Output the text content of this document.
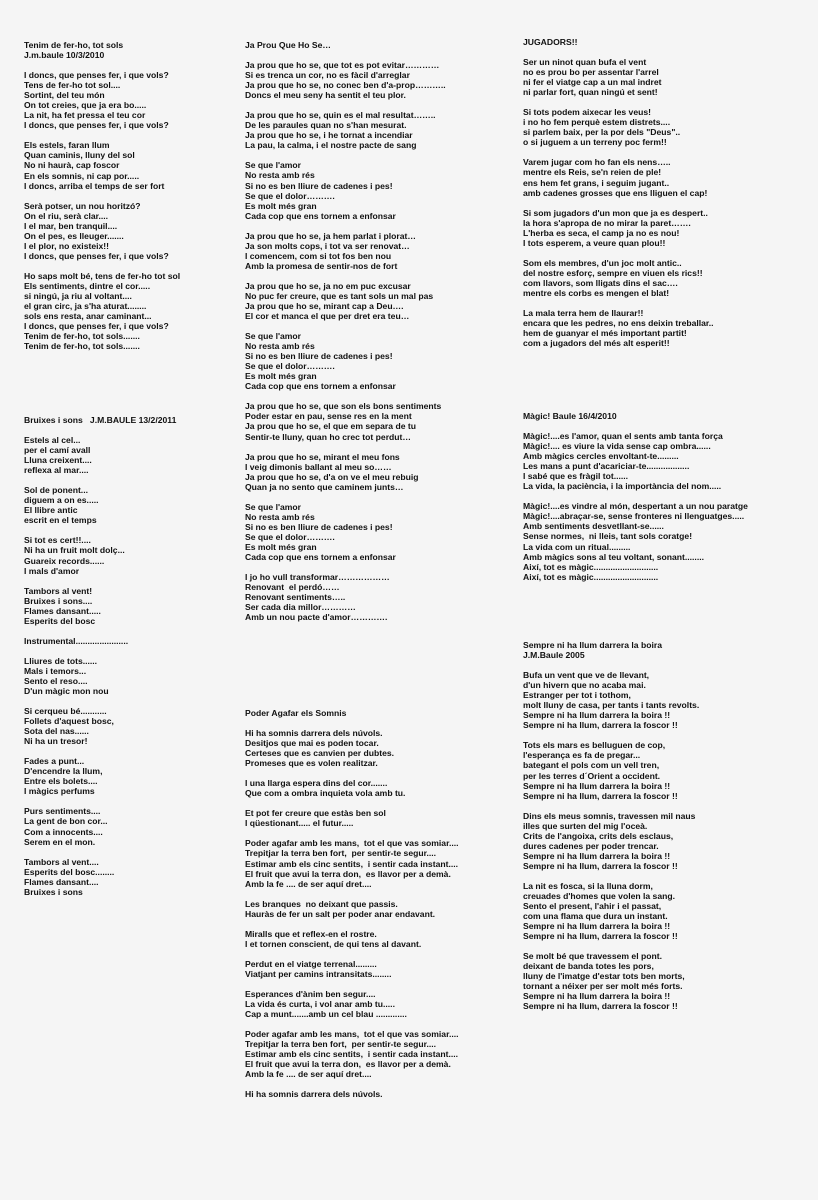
Tenim de fer-ho, tot sols
J.m.baule 10/3/2010
I doncs, que penses fer, i que vols?
Tens de fer-ho tot sol....
Sortint, del teu món
On tot creies, que ja era bo.....
La nit, ha fet pressa el teu cor
I doncs, que penses fer, i que vols?
Els estels, faran llum
Quan caminis, lluny del sol
No ni haurà, cap foscor
En els somnis, ni cap por.....
I doncs, arriba el temps de ser fort
Serà potser, un nou horitzó?
On el riu, serà clar....
I el mar, ben tranquil....
On el pes, es lleuger.......
I el plor, no existeix!!
I doncs, que penses fer, i que vols?
Ho saps molt bé, tens de fer-ho tot sol
Els sentiments, dintre el cor.....
si ningú, ja riu al voltant....
el gran circ, ja s'ha aturat........
sols ens resta, anar caminant...
I doncs, que penses fer, i que vols?
Tenim de fer-ho, tot sols.......
Tenim de fer-ho, tot sols.......

Bruixes i sons   J.M.BAULE 13/2/2011
Estels al cel...
per el camí avall
Lluna creixent....
reflexa al mar....
Sol de ponent...
diguem a on es.....
El llibre antic
escrit en el temps
Si tot es cert!!....
Ni ha un fruit molt dolç...
Guareix records......
I mals d'amor
Tambors al vent!
Bruixes i sons....
Flames dansant.....
Esperits del bosc
Instrumental......................
Lliures de tots......
Mals i temors...
Sento el reso....
D'un màgic mon nou
Si cerqueu bé...........
Follets d'aquest bosc,
Sota del nas......
Ni ha un tresor!
Fades a punt...
D'encendre la llum,
Entre els bolets....
I màgics perfums
Purs sentiments....
La gent de bon cor...
Com a innocents....
Serem en el mon.
Tambors al vent....
Esperits del bosc........
Flames dansant....
Bruixes i sons

Ja Prou Que Ho Se…
Ja prou que ho se, que tot es pot evitar…………
Si es trenca un cor, no es fàcil d'arreglar
Ja prou que ho se, no conec ben d'a-prop………..
Doncs el meu seny ha sentit el teu plor.
Ja prou que ho se, quin es el mal resultat……..
De les paraules quan no s'han mesurat.
Ja prou que ho se, i he tornat a incendiar
La pau, la calma, i el nostre pacte de sang
Se que l'amor
No resta amb rés
Si no es ben lliure de cadenes i pes!
Se que el dolor……….
Es molt més gran
Cada cop que ens tornem a enfonsar
Ja prou que ho se, ja hem parlat i plorat…
Ja son molts cops, i tot va ser renovat…
I comencem, com si tot fos ben nou
Amb la promesa de sentir-nos de fort
Ja prou que ho se, ja no em puc excusar
No puc fer creure, que es tant sols un mal pas
Ja prou que ho se, mirant cap a Deu….
El cor et manca el que per dret era teu…
Se que l'amor
No resta amb rés
Si no es ben lliure de cadenes i pes!
Se que el dolor……….
Es molt més gran
Cada cop que ens tornem a enfonsar
Ja prou que ho se, que son els bons sentiments
Poder estar en pau, sense res en la ment
Ja prou que ho se, el que em separa de tu
Sentir-te lluny, quan ho crec tot perdut…
Ja prou que ho se, mirant el meu fons
I veig dimonis ballant al meu so……
Ja prou que ho se, d'a on ve el meu rebuig
Quan ja no sento que caminem junts…
Se que l'amor
No resta amb rés
Si no es ben lliure de cadenes i pes!
Se que el dolor……….
Es molt més gran
Cada cop que ens tornem a enfonsar
I jo ho vull transformar………………
Renovant  el perdó……
Renovant sentiments…..
Ser cada dia millor…………
Amb un nou pacte d'amor………….

Poder Agafar els Somnis
Hi ha somnis darrera dels núvols.
Desitjos que mai es poden tocar.
Certeses que es canvien per dubtes.
Promeses que es volen realitzar.
I una llarga espera dins del cor.......
Que com a ombra inquieta vola amb tu.
Et pot fer creure que estàs ben sol
I qüestionant..... el futur.....
Poder agafar amb les mans,  tot el que vas somiar....
Trepitjar la terra ben fort,  per sentir-te segur....
Estimar amb els cinc sentits,  i sentir cada instant....
El fruit que avui la terra don,  es llavor per a demà.
Amb la fe .... de ser aquí dret....
Les branques  no deixant que passis.
Hauràs de fer un salt per poder anar endavant.
Miralls que et reflex-en el rostre.
I et tornen conscient, de qui tens al davant.
Perdut en el viatge terrenal.........
Viatjant per camins intransitats........
Esperances d'ànim ben segur....
La vida és curta, i vol anar amb tu.....
Cap a munt.......amb un cel blau .............
Poder agafar amb les mans,  tot el que vas somiar....
Trepitjar la terra ben fort,  per sentir-te segur....
Estimar amb els cinc sentits,  i sentir cada instant....
El fruit que avui la terra don,  es llavor per a demà.
Amb la fe .... de ser aquí dret....
Hi ha somnis darrera dels núvols.

JUGADORS!!
Ser un ninot quan bufa el vent
no es prou bo per assentar l'arrel
ni fer el viatge cap a un mal indret
ni parlar fort, quan ningú et sent!
Si tots podem aixecar les veus!
i no ho fem perquè estem distrets....
si parlem baix, per la por dels "Deus"..
o si juguem a un terreny poc ferm!!
Varem jugar com ho fan els nens…..
mentre els Reis, se'n reien de ple!
ens hem fet grans, i seguim jugant..
amb cadenes grosses que ens lliguen el cap!
Si som jugadors d'un mon que ja es despert..
la hora s'apropa de no mirar la paret…….
L'herba es seca, el camp ja no es nou!
I tots esperem, a veure quan plou!!
Som els membres, d'un joc molt antic..
del nostre esforç, sempre en viuen els rics!!
com llavors, som lligats dins el sac….
mentre els corbs es mengen el blat!
La mala terra hem de llaurar!!
encara que les pedres, no ens deixin treballar..
hem de guanyar el més important partit!
com a jugadors del més alt esperit!!

Màgic! Baule 16/4/2010
Màgic!....es l'amor, quan el sents amb tanta força
Màgic!.... es viure la vida sense cap ombra......
Amb màgics cercles envoltant-te.........
Les mans a punt d'acariciar-te..................
I sabé que es fràgil tot......
La vida, la paciència, i la importància del nom.....
Màgic!....es vindre al món, despertant a un nou paratge
Màgic!....abraçar-se, sense fronteres ni llenguatges.....
Amb sentiments desvetllant-se......
Sense normes,  ni lleis, tant sols coratge!
La vida com un ritual.........
Amb màgics sons al teu voltant, sonant........
Així, tot es màgic...........................
Així, tot es màgic...........................

Sempre ni ha llum darrera la boira
J.M.Baule 2005
Bufa un vent que ve de llevant,
d'un hivern que no acaba mai.
Estranger per tot i tothom,
molt lluny de casa, per tants i tants revolts.
Sempre ni ha llum darrera la boira !!
Sempre ni ha llum, darrera la foscor !!
Tots els mars es belluguen de cop,
l'esperança es fa de pregar...
bategant el pols com un vell tren,
per les terres d´Orient a occident.
Sempre ni ha llum darrera la boira !!
Sempre ni ha llum, darrera la foscor !!
Dins els meus somnis, travessen mil naus
illes que surten del mig l'oceà.
Crits de l'angoixa, crits dels esclaus,
dures cadenes per poder trencar.
Sempre ni ha llum darrera la boira !!
Sempre ni ha llum, darrera la foscor !!
La nit es fosca, si la lluna dorm,
creuades d'homes que volen la sang.
Sento el present, l'ahir i el passat,
com una flama que dura un instant.
Sempre ni ha llum darrera la boira !!
Sempre ni ha llum, darrera la foscor !!
Se molt bé que travessem el pont.
deixant de banda totes les pors,
lluny de l'imatge d'estar tots ben morts,
tornant a néixer per ser molt més forts.
Sempre ni ha llum darrera la boira !!
Sempre ni ha llum, darrera la foscor !!
